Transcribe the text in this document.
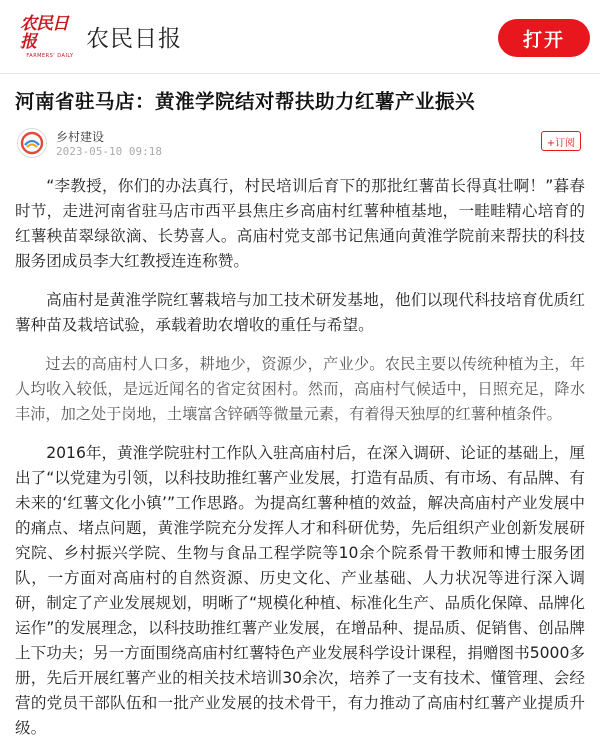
农民日报
FARMERS' DAILY
农民日报	打开
河南省驻马店：黄淮学院结对帮扶助力红薯产业振兴
乡村建设
2023-05-10 09:18
+订阅

“李教授，你们的办法真行，村民培训后育下的那批红薯苗长得真壮啊！”暮春时节，走进河南省驻马店市西平县焦庄乡高庙村红薯种植基地，一畦畦精心培育的红薯秧苗翠绿欲滴、长势喜人。高庙村党支部书记焦通向黄淮学院前来帮扶的科技服务团成员李大红教授连连称赞。

高庙村是黄淮学院红薯栽培与加工技术研发基地，他们以现代科技培育优质红薯种苗及栽培试验，承载着助农增收的重任与希望。

过去的高庙村人口多，耕地少，资源少，产业少。农民主要以传统种植为主，年人均收入较低，是远近闻名的省定贫困村。然而，高庙村气候适中，日照充足，降水丰沛，加之处于岗地，土壤富含锌硒等微量元素，有着得天独厚的红薯种植条件。

2016年，黄淮学院驻村工作队入驻高庙村后，在深入调研、论证的基础上，厘出了“以党建为引领，以科技助推红薯产业发展，打造有品质、有市场、有品牌、有未来的‘红薯文化小镇’”工作思路。为提高红薯种植的效益，解决高庙村产业发展中的痛点、堵点问题，黄淮学院充分发挥人才和科研优势，先后组织产业创新发展研究院、乡村振兴学院、生物与食品工程学院等10余个院系骨干教师和博士服务团队，一方面对高庙村的自然资源、历史文化、产业基础、人力状况等进行深入调研，制定了产业发展规划，明晰了“规模化种植、标准化生产、品质化保障、品牌化运作”的发展理念，以科技助推红薯产业发展，在增品种、提品质、促销售、创品牌上下功夫；另一方面围绕高庙村红薯特色产业发展科学设计课程，捐赠图书5000多册，先后开展红薯产业的相关技术培训30余次，培养了一支有技术、懂管理、会经营的党员干部队伍和一批产业发展的技术骨干，有力推动了高庙村红薯产业提质升级。
